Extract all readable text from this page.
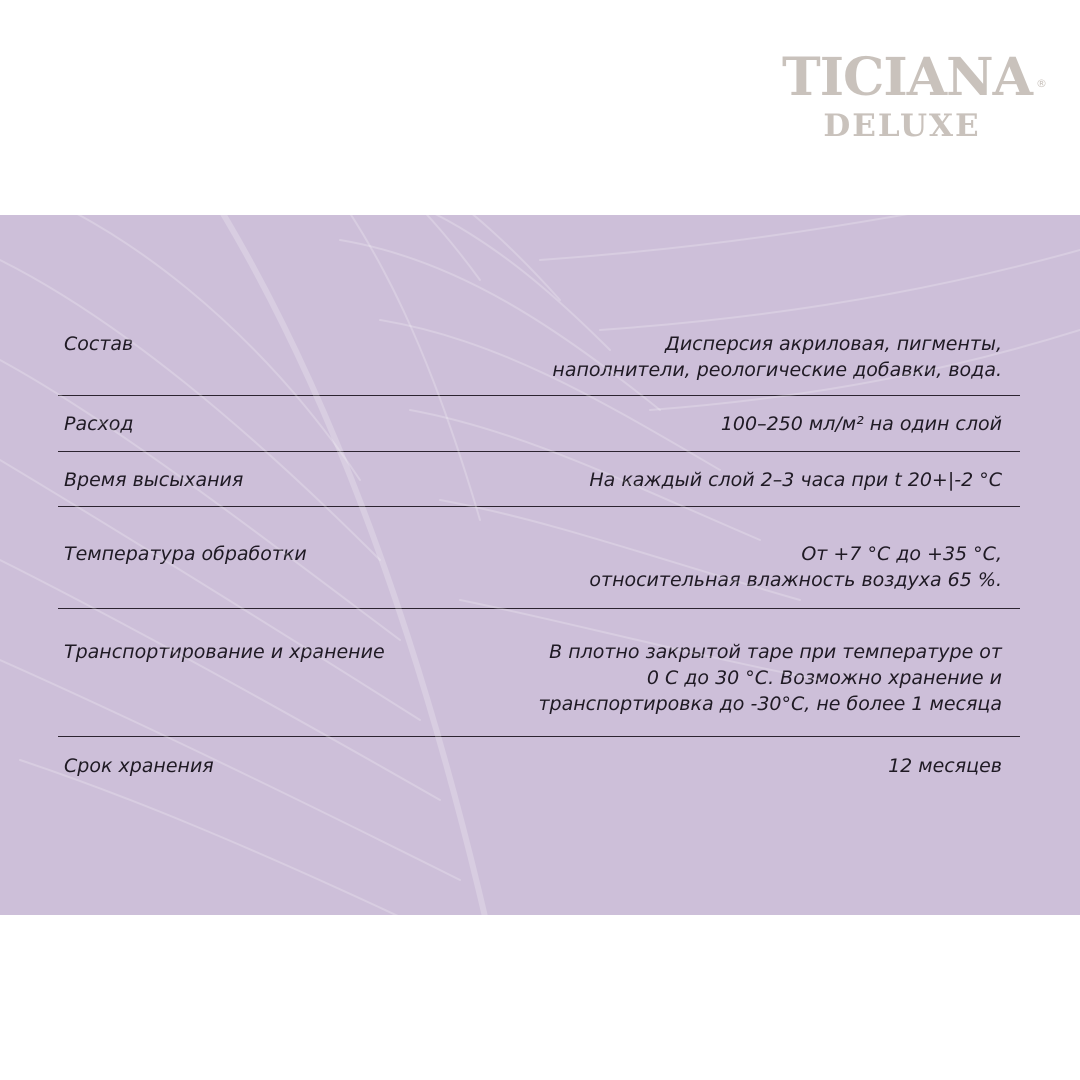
TICIANA ®
DELUXE
Состав	Дисперсия акриловая, пигменты,
наполнители, реологические добавки, вода.
Расход	100–250 мл/м² на один слой
Время высыхания	На каждый слой 2–3 часа при t 20+|-2 °С
Температура обработки	От +7 °С до +35 °С,
относительная влажность воздуха 65 %.
Транспортирование и хранение	В плотно закрытой таре при температуре от
0 С до 30 °С. Возможно хранение и
транспортировка до -30°С, не более 1 месяца
Срок хранения	12 месяцев
